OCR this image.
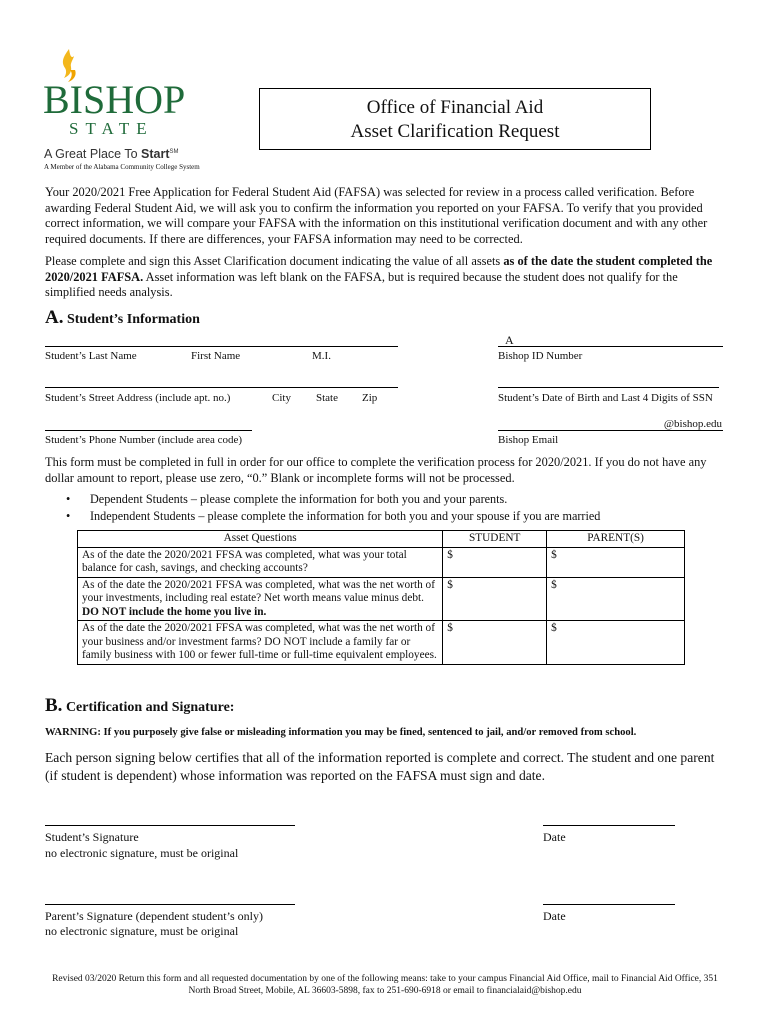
BISHOP
STATE
A Great Place To Start℠
A Member of the Alabama Community College System
Office of Financial Aid
Asset Clarification Request
Your 2020/2021 Free Application for Federal Student Aid (FAFSA) was selected for review in a process called verification. Before awarding Federal Student Aid, we will ask you to confirm the information you reported on your FAFSA. To verify that you provided correct information, we will compare your FAFSA with the information on this institutional verification document and with any other required documents. If there are differences, your FAFSA information may need to be corrected.
Please complete and sign this Asset Clarification document indicating the value of all assets as of the date the student completed the 2020/2021 FAFSA. Asset information was left blank on the FAFSA, but is required because the student does not qualify for the simplified needs analysis.
A. Student’s Information
Student’s Last Name	First Name	M.I.
A
Bishop ID Number
Student’s Street Address (include apt. no.)	City State Zip	Student’s Date of Birth and Last 4 Digits of SSN
Student’s Phone Number (include area code)
@bishop.edu
Bishop Email
This form must be completed in full in order for our office to complete the verification process for 2020/2021. If you do not have any dollar amount to report, please use zero, “0.” Blank or incomplete forms will not be processed.
• Dependent Students – please complete the information for both you and your parents.
• Independent Students – please complete the information for both you and your spouse if you are married
Asset Questions	STUDENT	PARENT(S)
As of the date the 2020/2021 FFSA was completed, what was your total balance for cash, savings, and checking accounts?	$	$
As of the date the 2020/2021 FFSA was completed, what was the net worth of your investments, including real estate? Net worth means value minus debt. DO NOT include the home you live in.	$	$
As of the date the 2020/2021 FFSA was completed, what was the net worth of your business and/or investment farms? DO NOT include a family far or family business with 100 or fewer full-time or full-time equivalent employees.	$	$
B. Certification and Signature:
WARNING: If you purposely give false or misleading information you may be fined, sentenced to jail, and/or removed from school.
Each person signing below certifies that all of the information reported is complete and correct. The student and one parent (if student is dependent) whose information was reported on the FAFSA must sign and date.
Student’s Signature
no electronic signature, must be original
Date
Parent’s Signature (dependent student’s only)
no electronic signature, must be original
Date
Revised 03/2020 Return this form and all requested documentation by one of the following means: take to your campus Financial Aid Office, mail to Financial Aid Office, 351 North Broad Street, Mobile, AL 36603-5898, fax to 251-690-6918 or email to financialaid@bishop.edu
